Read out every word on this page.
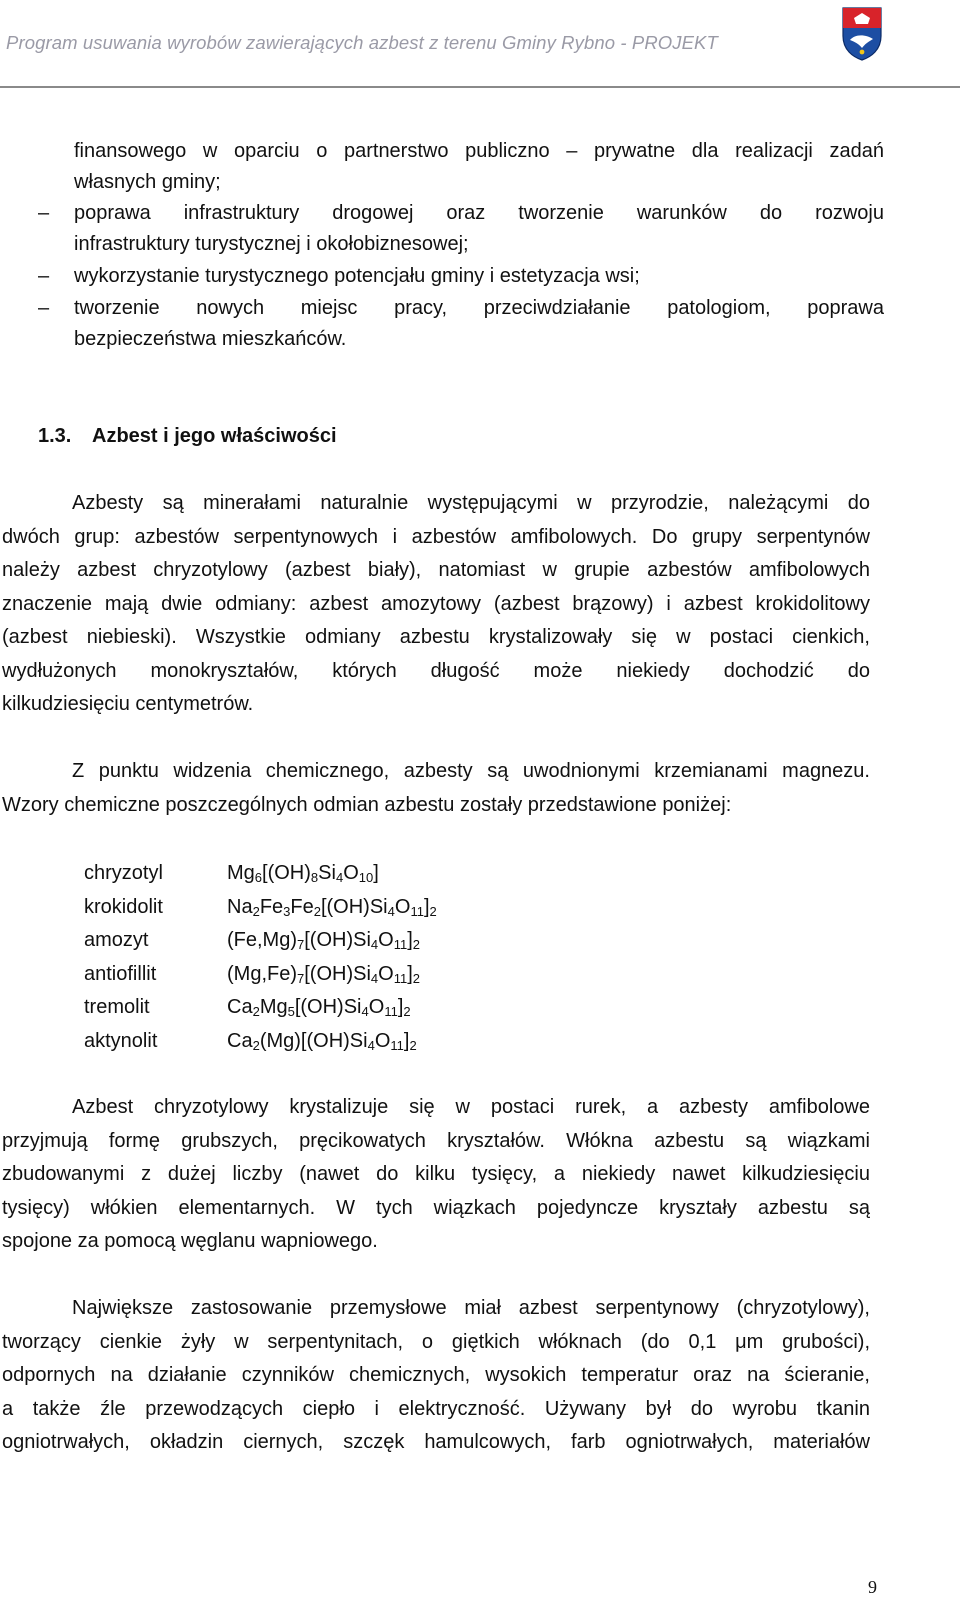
Program usuwania wyrobów zawierających azbest z terenu Gminy Rybno - PROJEKT
finansowego w oparciu o partnerstwo publiczno – prywatne dla realizacji zadań
własnych gminy;
– poprawa infrastruktury drogowej oraz tworzenie warunków do rozwoju
infrastruktury turystycznej i okołobiznesowej;
– wykorzystanie turystycznego potencjału gminy i estetyzacja wsi;
– tworzenie nowych miejsc pracy, przeciwdziałanie patologiom, poprawa
bezpieczeństwa mieszkańców.
1.3. Azbest i jego właściwości
Azbesty są minerałami naturalnie występującymi w przyrodzie, należącymi do
dwóch grup: azbestów serpentynowych i azbestów amfibolowych. Do grupy serpentynów
należy azbest chryzotylowy (azbest biały), natomiast w grupie azbestów amfibolowych
znaczenie mają dwie odmiany: azbest amozytowy (azbest brązowy) i azbest krokidolitowy
(azbest niebieski). Wszystkie odmiany azbestu krystalizowały się w postaci cienkich,
wydłużonych monokryształów, których długość może niekiedy dochodzić do
kilkudziesięciu centymetrów.
Z punktu widzenia chemicznego, azbesty są uwodnionymi krzemianami magnezu.
Wzory chemiczne poszczególnych odmian azbestu zostały przedstawione poniżej:
chryzotyl	$Mg_6[(OH)_8Si_4O_{10}]$
krokidolit	$Na_2Fe_3Fe_2[(OH)Si_4O_{11}]_2$
amozyt	$(Fe,Mg)_7[(OH)Si_4O_{11}]_2$
antiofillit	$(Mg,Fe)_7[(OH)Si_4O_{11}]_2$
tremolit	$Ca_2Mg_5[(OH)Si_4O_{11}]_2$
aktynolit	$Ca_2(Mg)[(OH)Si_4O_{11}]_2$
Azbest chryzotylowy krystalizuje się w postaci rurek, a azbesty amfibolowe
przyjmują formę grubszych, pręcikowatych kryształów. Włókna azbestu są wiązkami
zbudowanymi z dużej liczby (nawet do kilku tysięcy, a niekiedy nawet kilkudziesięciu
tysięcy) włókien elementarnych. W tych wiązkach pojedyncze kryształy azbestu są
spojone za pomocą węglanu wapniowego.
Największe zastosowanie przemysłowe miał azbest serpentynowy (chryzotylowy),
tworzący cienkie żyły w serpentynitach, o giętkich włóknach (do 0,1 μm grubości),
odpornych na działanie czynników chemicznych, wysokich temperatur oraz na ścieranie,
a także źle przewodzących ciepło i elektryczność. Używany był do wyrobu tkanin
ogniotrwałych, okładzin ciernych, szczęk hamulcowych, farb ogniotrwałych, materiałów
9
